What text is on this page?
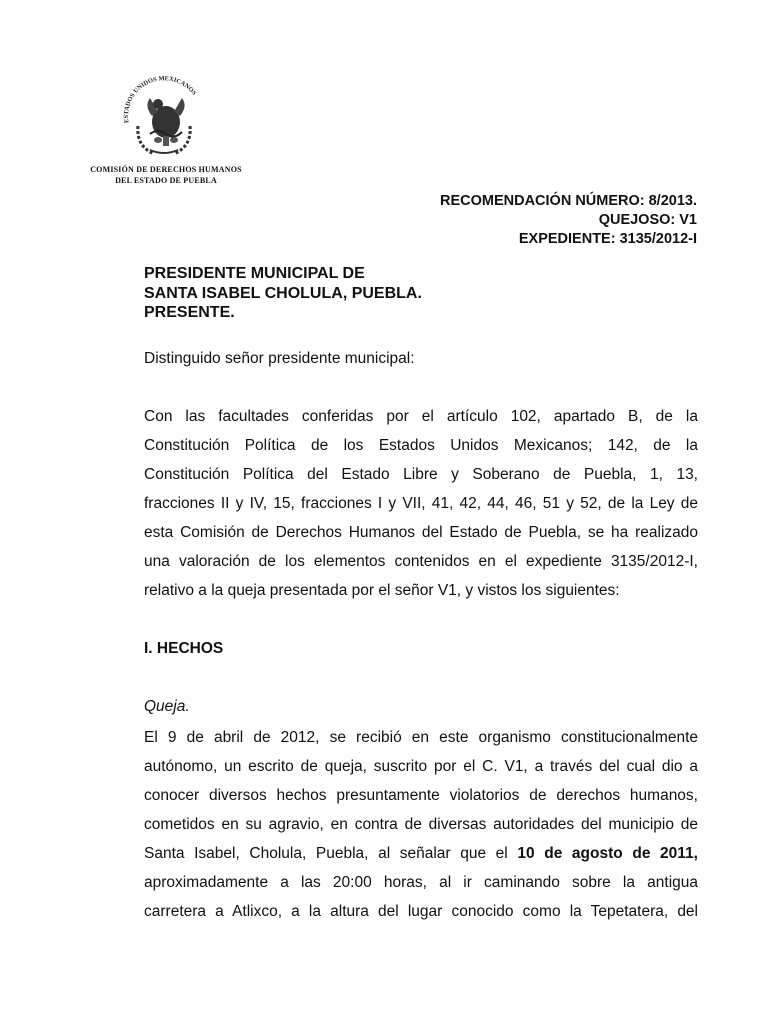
ESTADOS UNIDOS MEXICANOS
COMISIÓN DE DERECHOS HUMANOS
DEL ESTADO DE PUEBLA
RECOMENDACIÓN NÚMERO: 8/2013.
QUEJOSO: V1
EXPEDIENTE: 3135/2012-I
PRESIDENTE MUNICIPAL DE
SANTA ISABEL CHOLULA, PUEBLA.
PRESENTE.
Distinguido señor presidente municipal:
Con las facultades conferidas por el artículo 102, apartado B, de la
Constitución Política de los Estados Unidos Mexicanos; 142, de la
Constitución Política del Estado Libre y Soberano de Puebla, 1, 13,
fracciones II y IV, 15, fracciones I y VII, 41, 42, 44, 46, 51 y 52, de la Ley de
esta Comisión de Derechos Humanos del Estado de Puebla, se ha realizado
una valoración de los elementos contenidos en el expediente 3135/2012-I,
relativo a la queja presentada por el señor V1, y vistos los siguientes:
I. HECHOS
Queja.
El 9 de abril de 2012, se recibió en este organismo constitucionalmente
autónomo, un escrito de queja, suscrito por el C. V1, a través del cual dio a
conocer diversos hechos presuntamente violatorios de derechos humanos,
cometidos en su agravio, en contra de diversas autoridades del municipio de
Santa Isabel, Cholula, Puebla, al señalar que el 10 de agosto de 2011,
aproximadamente a las 20:00 horas, al ir caminando sobre la antigua
carretera a Atlixco, a la altura del lugar conocido como la Tepetatera, del
